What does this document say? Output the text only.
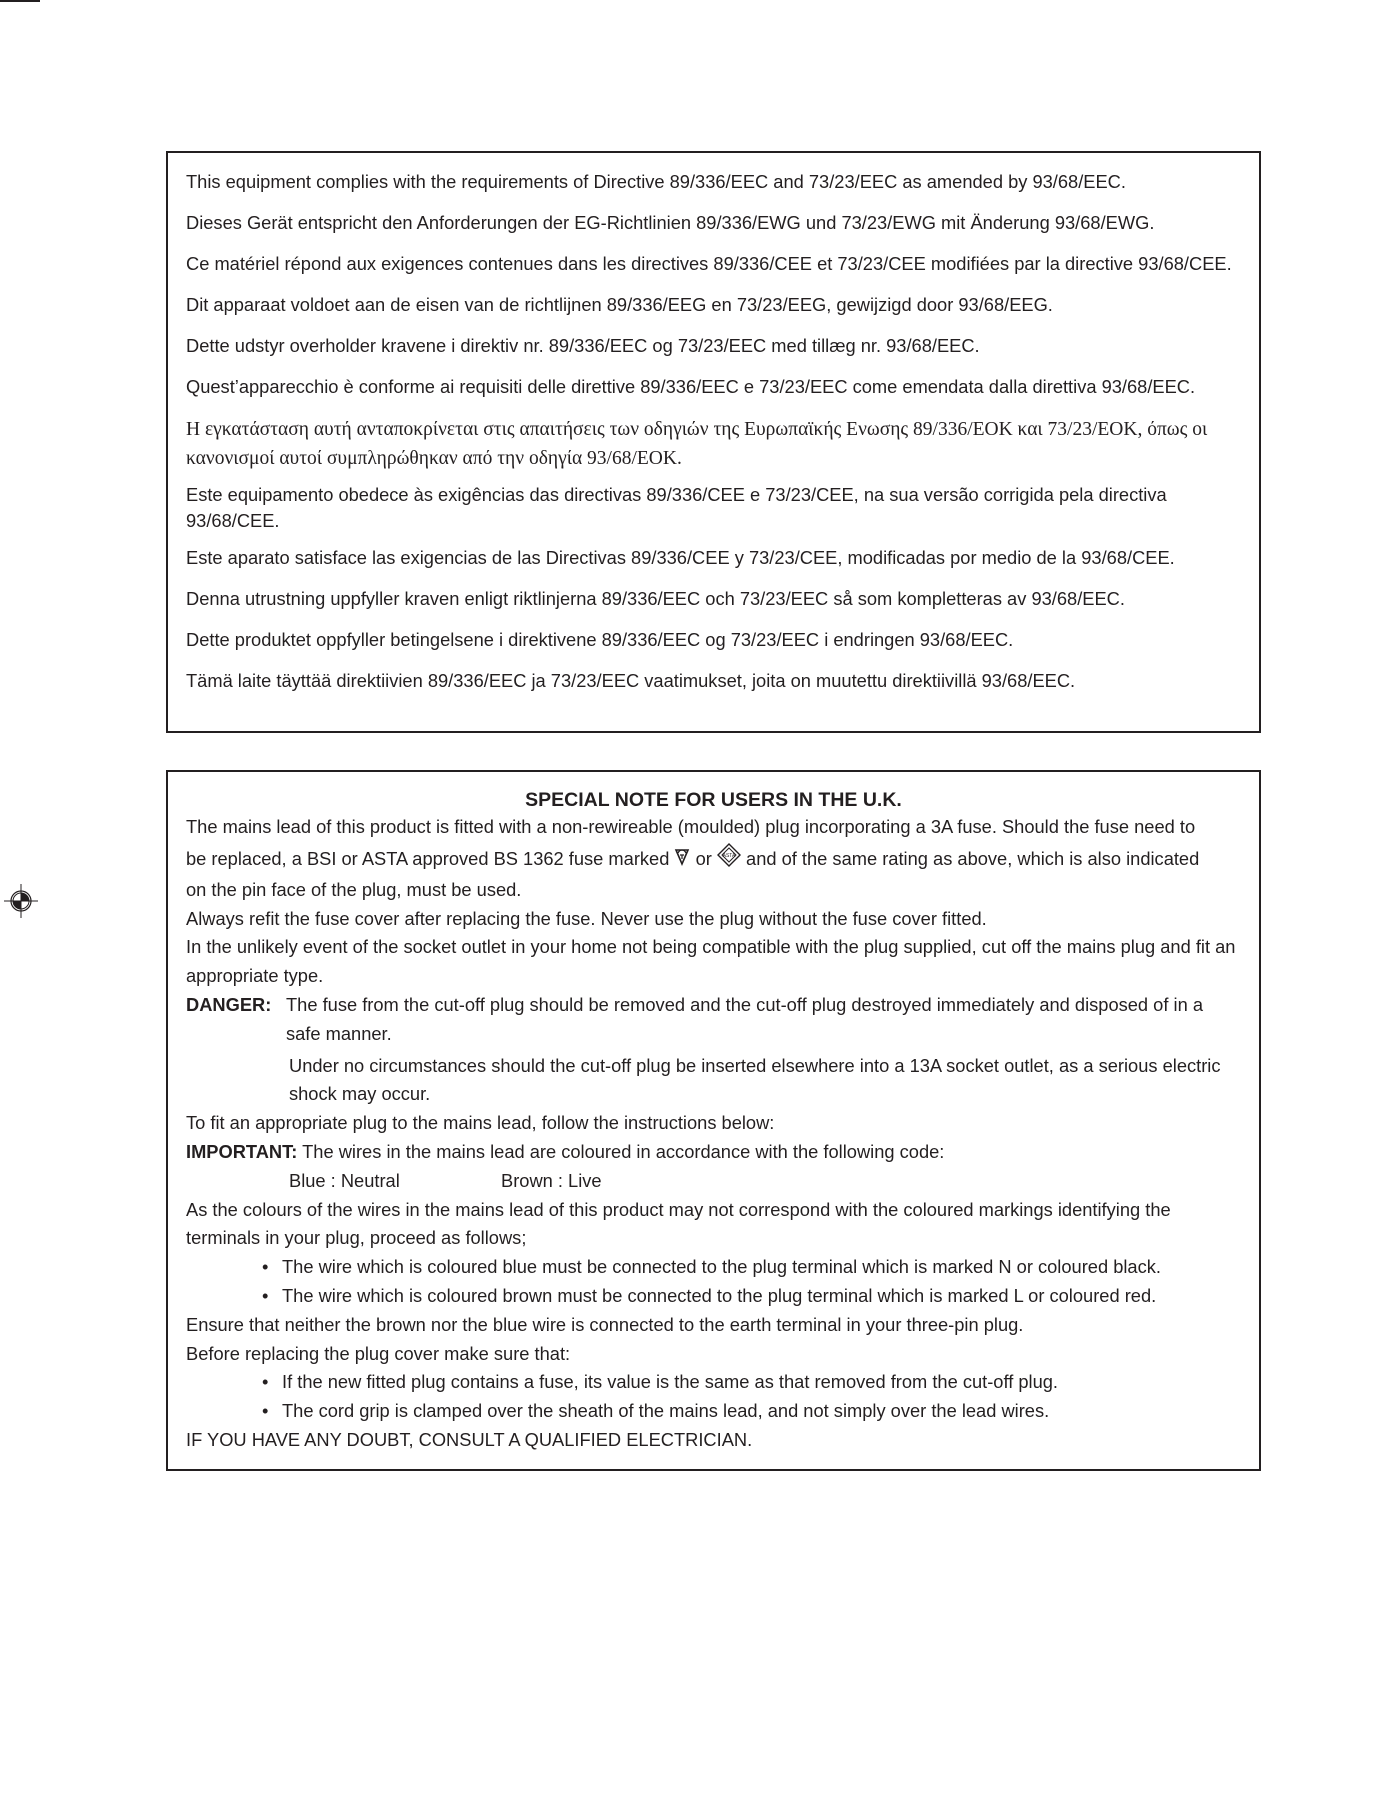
This equipment complies with the requirements of Directive 89/336/EEC and 73/23/EEC as amended by 93/68/EEC.

Dieses Gerät entspricht den Anforderungen der EG-Richtlinien 89/336/EWG und 73/23/EWG mit Änderung 93/68/EWG.

Ce matériel répond aux exigences contenues dans les directives 89/336/CEE et 73/23/CEE modifiées par la directive 93/68/CEE.

Dit apparaat voldoet aan de eisen van de richtlijnen 89/336/EEG en 73/23/EEG, gewijzigd door 93/68/EEG.

Dette udstyr overholder kravene i direktiv nr. 89/336/EEC og 73/23/EEC med tillæg nr. 93/68/EEC.

Quest’apparecchio è conforme ai requisiti delle direttive 89/336/EEC e 73/23/EEC come emendata dalla direttiva 93/68/EEC.

Η εγκατάσταση αυτή ανταποκρίνεται στις απαιτήσεις των οδηγιών της Ευρωπαϊκής Ενωσης 89/336/ΕΟΚ και 73/23/ΕΟΚ, όπως οι κανονισμοί αυτοί συμπληρώθηκαν από την οδηγία 93/68/ΕΟΚ.

Este equipamento obedece às exigências das directivas 89/336/CEE e 73/23/CEE, na sua versão corrigida pela directiva 93/68/CEE.

Este aparato satisface las exigencias de las Directivas 89/336/CEE y 73/23/CEE, modificadas por medio de la 93/68/CEE.

Denna utrustning uppfyller kraven enligt riktlinjerna 89/336/EEC och 73/23/EEC så som kompletteras av 93/68/EEC.

Dette produktet oppfyller betingelsene i direktivene 89/336/EEC og 73/23/EEC i endringen 93/68/EEC.

Tämä laite täyttää direktiivien 89/336/EEC ja 73/23/EEC vaatimukset, joita on muutettu direktiivillä 93/68/EEC.

SPECIAL NOTE FOR USERS IN THE U.K.

The mains lead of this product is fitted with a non-rewireable (moulded) plug incorporating a 3A fuse. Should the fuse need to

be replaced, a BSI or ASTA approved BS 1362 fuse marked or ASTA and of the same rating as above, which is also indicated

on the pin face of the plug, must be used.

Always refit the fuse cover after replacing the fuse. Never use the plug without the fuse cover fitted.

In the unlikely event of the socket outlet in your home not being compatible with the plug supplied, cut off the mains plug and fit an appropriate type.

DANGER: The fuse from the cut-off plug should be removed and the cut-off plug destroyed immediately and disposed of in a safe manner.

Under no circumstances should the cut-off plug be inserted elsewhere into a 13A socket outlet, as a serious electric shock may occur.

To fit an appropriate plug to the mains lead, follow the instructions below:

IMPORTANT: The wires in the mains lead are coloured in accordance with the following code:

Blue : Neutral	Brown : Live

As the colours of the wires in the mains lead of this product may not correspond with the coloured markings identifying the terminals in your plug, proceed as follows;

• The wire which is coloured blue must be connected to the plug terminal which is marked N or coloured black.

• The wire which is coloured brown must be connected to the plug terminal which is marked L or coloured red.

Ensure that neither the brown nor the blue wire is connected to the earth terminal in your three-pin plug.

Before replacing the plug cover make sure that:

• If the new fitted plug contains a fuse, its value is the same as that removed from the cut-off plug.

• The cord grip is clamped over the sheath of the mains lead, and not simply over the lead wires.

IF YOU HAVE ANY DOUBT, CONSULT A QUALIFIED ELECTRICIAN.
